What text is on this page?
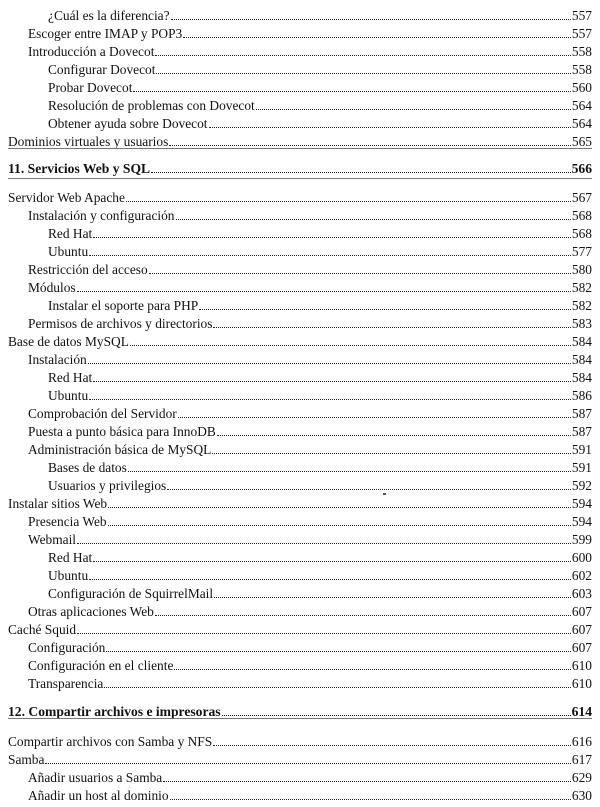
¿Cuál es la diferencia?	557
Escoger entre IMAP y POP3	557
Introducción a Dovecot	558
Configurar Dovecot	558
Probar Dovecot	560
Resolución de problemas con Dovecot	564
Obtener ayuda sobre Dovecot	564
Dominios virtuales y usuarios	565
11. Servicios Web y SQL	566
Servidor Web Apache	567
Instalación y configuración	568
Red Hat	568
Ubuntu	577
Restricción del acceso	580
Módulos	582
Instalar el soporte para PHP	582
Permisos de archivos y directorios	583
Base de datos MySQL	584
Instalación	584
Red Hat	584
Ubuntu	586
Comprobación del Servidor	587
Puesta a punto básica para InnoDB	587
Administración básica de MySQL	591
Bases de datos	591
Usuarios y privilegios	592
Instalar sitios Web	594
Presencia Web	594
Webmail	599
Red Hat	600
Ubuntu	602
Configuración de SquirrelMail	603
Otras aplicaciones Web	607
Caché Squid	607
Configuración	607
Configuración en el cliente	610
Transparencia	610
12. Compartir archivos e impresoras	614
Compartir archivos con Samba y NFS	616
Samba	617
Añadir usuarios a Samba	629
Añadir un host al dominio	630
